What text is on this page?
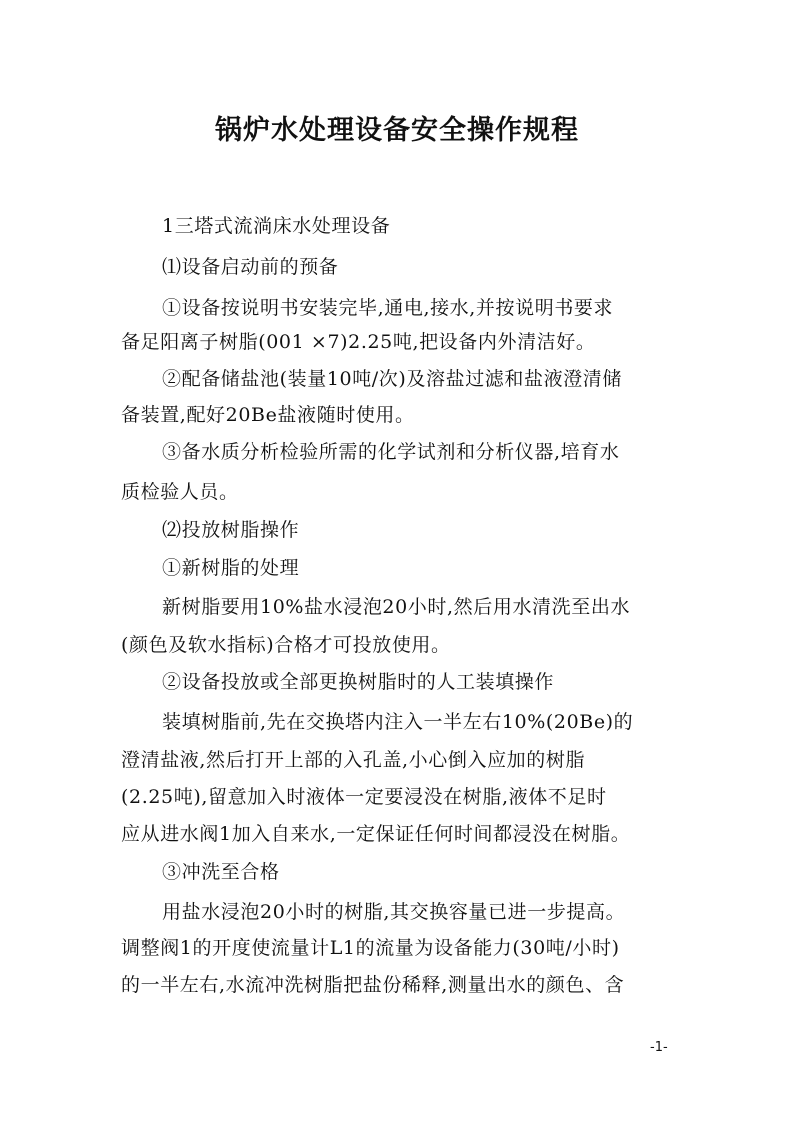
锅炉水处理设备安全操作规程
1三塔式流淌床水处理设备
⑴设备启动前的预备
①设备按说明书安装完毕,通电,接水,并按说明书要求
备足阳离子树脂(001 ×7)2.25吨,把设备内外清洁好。
②配备储盐池(装量10吨/次)及溶盐过滤和盐液澄清储
备装置,配好20Be盐液随时使用。
③备水质分析检验所需的化学试剂和分析仪器,培育水
质检验人员。
⑵投放树脂操作
①新树脂的处理
新树脂要用10%盐水浸泡20小时,然后用水清洗至出水
(颜色及软水指标)合格才可投放使用。
②设备投放或全部更换树脂时的人工装填操作
装填树脂前,先在交换塔内注入一半左右10%(20Be)的
澄清盐液,然后打开上部的入孔盖,小心倒入应加的树脂
(2.25吨),留意加入时液体一定要浸没在树脂,液体不足时
应从进水阀1加入自来水,一定保证任何时间都浸没在树脂。
③冲洗至合格
用盐水浸泡20小时的树脂,其交换容量已进一步提高。
调整阀1的开度使流量计L1的流量为设备能力(30吨/小时)
的一半左右,水流冲洗树脂把盐份稀释,测量出水的颜色、含
-1-
